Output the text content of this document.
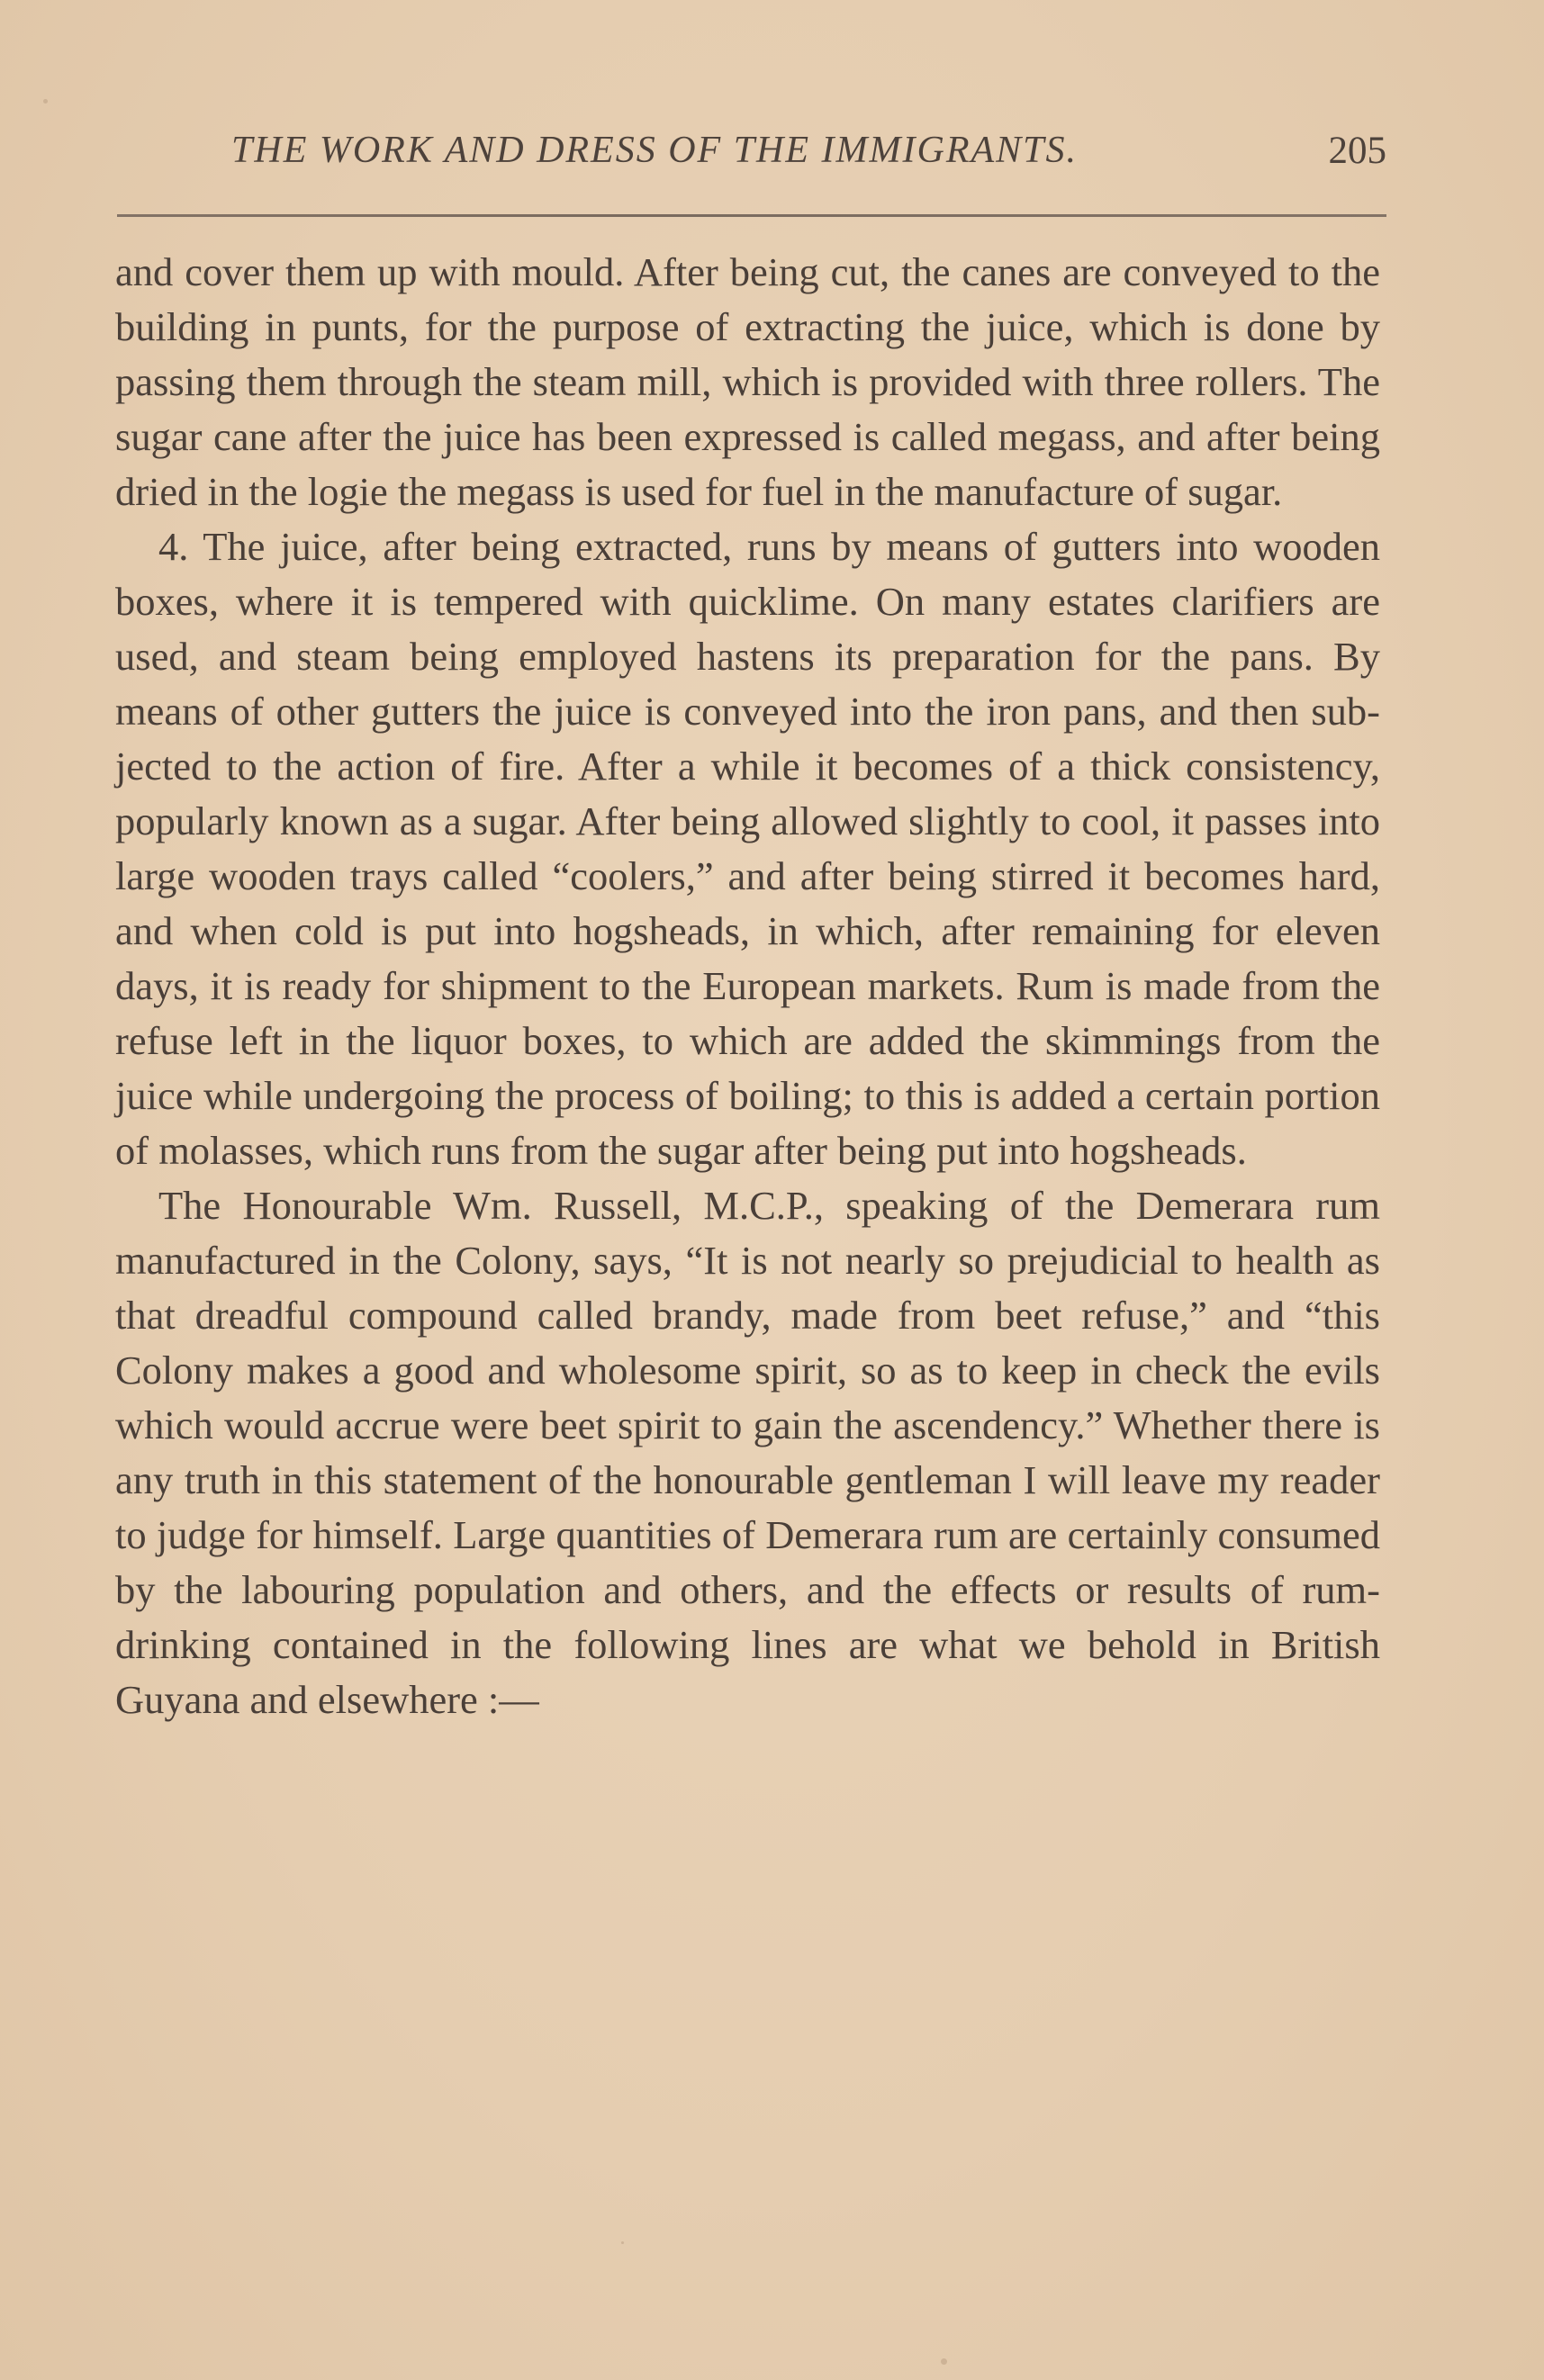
THE WORK AND DRESS OF THE IMMIGRANTS.	205

and cover them up with mould. After being cut, the canes are conveyed to the building in punts, for the purpose of extracting the juice, which is done by passing them through the steam mill, which is provided with three rollers. The sugar cane after the juice has been expressed is called megass, and after being dried in the logie the megass is used for fuel in the manufacture of sugar.

4. The juice, after being extracted, runs by means of gutters into wooden boxes, where it is tempered with quicklime. On many estates clarifiers are used, and steam being employed hastens its preparation for the pans. By means of other gutters the juice is conveyed into the iron pans, and then subjected to the action of fire. After a while it becomes of a thick consistency, popularly known as a sugar. After being allowed slightly to cool, it passes into large wooden trays called “coolers,” and after being stirred it becomes hard, and when cold is put into hogsheads, in which, after remaining for eleven days, it is ready for shipment to the European markets. Rum is made from the refuse left in the liquor boxes, to which are added the skimmings from the juice while undergoing the process of boiling; to this is added a certain portion of molasses, which runs from the sugar after being put into hogsheads.

The Honourable Wm. Russell, M.C.P., speaking of the Demerara rum manufactured in the Colony, says, “It is not nearly so prejudicial to health as that dreadful compound called brandy, made from beet refuse,” and “this Colony makes a good and wholesome spirit, so as to keep in check the evils which would accrue were beet spirit to gain the ascendency.” Whether there is any truth in this statement of the honourable gentleman I will leave my reader to judge for himself. Large quantities of Demerara rum are certainly consumed by the labouring population and others, and the effects or results of rum-drinking contained in the following lines are what we behold in British Guyana and elsewhere :—
